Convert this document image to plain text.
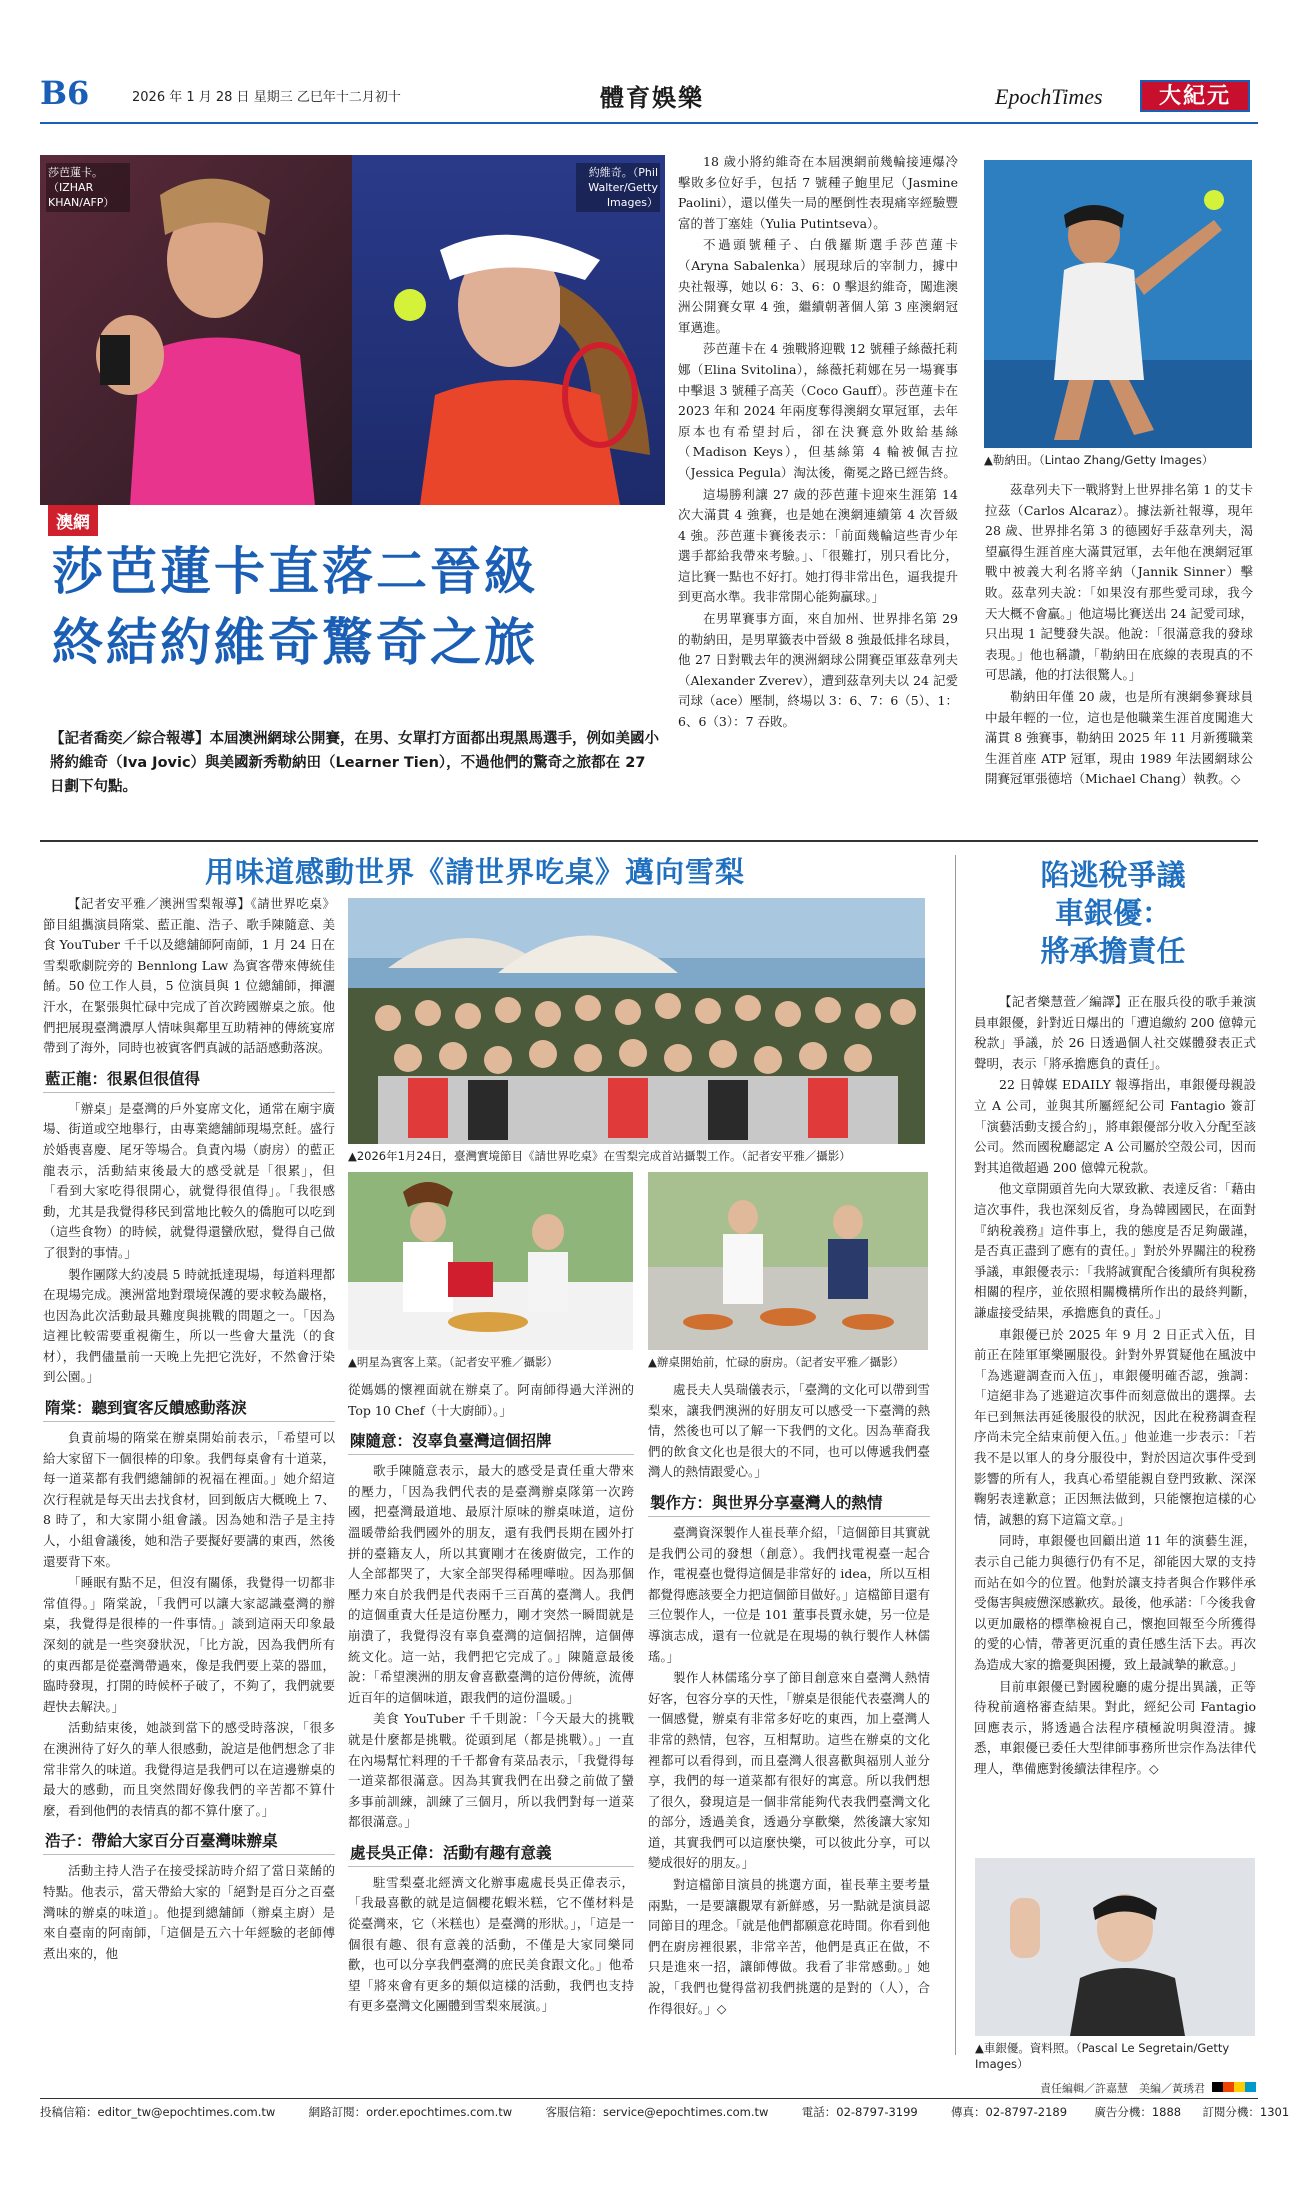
B6	2026 年 1 月 28 日 星期三 乙巳年十二月初十	體育娛樂	EpochTimes	大紀元
莎芭蓮卡。（IZHAR KHAN/AFP）
約維奇。（Phil Walter/Getty Images）
澳網
莎芭蓮卡直落二晉級
終結約維奇驚奇之旅
【記者喬奕／綜合報導】本屆澳洲網球公開賽，在男、女單打方面都出現黑馬選手，例如美國小將約維奇（Iva Jovic）與美國新秀勒納田（Learner Tien），不過他們的驚奇之旅都在 27 日劃下句點。

18 歲小將約維奇在本屆澳網前幾輪接連爆冷擊敗多位好手，包括 7 號種子鮑里尼（Jasmine Paolini），還以僅失一局的壓倒性表現痛宰經驗豐富的普丁塞娃（Yulia Putintseva）。

不過頭號種子、白俄羅斯選手莎芭蓮卡（Aryna Sabalenka）展現球后的宰制力，據中央社報導，她以 6：3、6：0 擊退約維奇，闖進澳洲公開賽女單 4 強，繼續朝著個人第 3 座澳網冠軍邁進。

莎芭蓮卡在 4 強戰將迎戰 12 號種子絲薇托莉娜（Elina Svitolina），絲薇托莉娜在另一場賽事中擊退 3 號種子高芙（Coco Gauff）。莎芭蓮卡在 2023 年和 2024 年兩度奪得澳網女單冠軍，去年原本也有希望封后，卻在決賽意外敗給基絲（Madison Keys），但基絲第 4 輪被佩吉拉（Jessica Pegula）淘汰後，衛冕之路已經告終。

這場勝利讓 27 歲的莎芭蓮卡迎來生涯第 14 次大滿貫 4 強賽，也是她在澳網連續第 4 次晉級 4 強。莎芭蓮卡賽後表示：「前面幾輪這些青少年選手都給我帶來考驗。」、「很難打，別只看比分，這比賽一點也不好打。她打得非常出色，逼我提升到更高水準。我非常開心能夠贏球。」

在男單賽事方面，來自加州、世界排名第 29 的勒納田，是男單籤表中晉級 8 強最低排名球員，他 27 日對戰去年的澳洲網球公開賽亞軍茲韋列夫（Alexander Zverev），遭到茲韋列夫以 24 記愛司球（ace）壓制，終場以 3：6、7：6（5）、1：6、6（3）：7 吞敗。

▲勒納田。（Lintao Zhang/Getty Images）

茲韋列夫下一戰將對上世界排名第 1 的艾卡拉茲（Carlos Alcaraz）。據法新社報導，現年 28 歲、世界排名第 3 的德國好手茲韋列夫，渴望贏得生涯首座大滿貫冠軍，去年他在澳網冠軍戰中被義大利名將辛納（Jannik Sinner）擊敗。茲韋列夫說：「如果沒有那些愛司球，我今天大概不會贏。」他這場比賽送出 24 記愛司球，只出現 1 記雙發失誤。他說：「很滿意我的發球表現。」他也稱讚，「勒納田在底線的表現真的不可思議，他的打法很驚人。」

勒納田年僅 20 歲，也是所有澳網參賽球員中最年輕的一位，這也是他職業生涯首度闖進大滿貫 8 強賽事，勒納田 2025 年 11 月新獲職業生涯首座 ATP 冠軍，現由 1989 年法國網球公開賽冠軍張德培（Michael Chang）執教。◇

用味道感動世界《請世界吃桌》邁向雪梨

【記者安平雅／澳洲雪梨報導】《請世界吃桌》節目組攜演員隋棠、藍正龍、浩子、歌手陳隨意、美食 YouTuber 千千以及總舖師阿南師，1 月 24 日在雪梨歌劇院旁的 Bennlong Law 為賓客帶來傳統佳餚。50 位工作人員，5 位演員與 1 位總舖師，揮灑汗水，在緊張與忙碌中完成了首次跨國辦桌之旅。他們把展現臺灣濃厚人情味與鄰里互助精神的傳統宴席帶到了海外，同時也被賓客們真誠的話語感動落淚。

藍正龍：很累但很值得

「辦桌」是臺灣的戶外宴席文化，通常在廟宇廣場、街道或空地舉行，由專業總舖師現場烹飪。盛行於婚喪喜慶、尾牙等場合。負責內場（廚房）的藍正龍表示，活動結束後最大的感受就是「很累」，但「看到大家吃得很開心，就覺得很值得」。「我很感動，尤其是我覺得移民到當地比較久的僑胞可以吃到（這些食物）的時候，就覺得還蠻欣慰，覺得自己做了很對的事情。」

製作團隊大約凌晨 5 時就抵達現場，每道料理都在現場完成。澳洲當地對環境保護的要求較為嚴格，也因為此次活動最具難度與挑戰的問題之一。「因為這裡比較需要重視衛生，所以一些會大量洗（的食材），我們儘量前一天晚上先把它洗好，不然會汙染到公園。」

隋棠：聽到賓客反饋感動落淚

負責前場的隋棠在辦桌開始前表示，「希望可以給大家留下一個很棒的印象。我們每桌會有十道菜，每一道菜都有我們總舖師的祝福在裡面。」她介紹這次行程就是每天出去找食材，回到飯店大概晚上 7、8 時了，和大家開小組會議。因為她和浩子是主持人，小組會議後，她和浩子要擬好要講的東西，然後還要背下來。

「睡眠有點不足，但沒有關係，我覺得一切都非常值得。」隋棠說，「我們可以讓大家認識臺灣的辦桌，我覺得是很棒的一件事情。」談到這兩天印象最深刻的就是一些突發狀況，「比方說，因為我們所有的東西都是從臺灣帶過來，像是我們要上菜的器皿，臨時發現，打開的時候杯子破了，不夠了，我們就要趕快去解決。」

活動結束後，她談到當下的感受時落淚，「很多在澳洲待了好久的華人很感動，說這是他們想念了非常非常久的味道。我覺得這是我們可以在這邊辦桌的最大的感動，而且突然間好像我們的辛苦都不算什麼，看到他們的表情真的都不算什麼了。」

浩子：帶給大家百分百臺灣味辦桌

活動主持人浩子在接受採訪時介紹了當日菜餚的特點。他表示，當天帶給大家的「絕對是百分之百臺灣味的辦桌的味道」。他提到總舖師（辦桌主廚）是來自臺南的阿南師，「這個是五六十年經驗的老師傅煮出來的，他

▲2026年1月24日，臺灣實境節目《請世界吃桌》在雪梨完成首站攝製工作。（記者安平雅／攝影）
▲明星為賓客上菜。（記者安平雅／攝影）	▲辦桌開始前，忙碌的廚房。（記者安平雅／攝影）

從媽媽的懷裡面就在辦桌了。阿南師得過大洋洲的 Top 10 Chef（十大廚師）。」

陳隨意：沒辜負臺灣這個招牌

歌手陳隨意表示，最大的感受是責任重大帶來的壓力，「因為我們代表的是臺灣辦桌隊第一次跨國，把臺灣最道地、最原汁原味的辦桌味道，這份溫暖帶給我們國外的朋友，還有我們長期在國外打拼的臺籍友人，所以其實剛才在後廚做完，工作的人全部都哭了，大家全部哭得稀哩嘩啦。因為那個壓力來自於我們是代表兩千三百萬的臺灣人。我們的這個重責大任是這份壓力，剛才突然一瞬間就是崩潰了，我覺得沒有辜負臺灣的這個招牌，這個傳統文化。這一站，我們把它完成了。」陳隨意最後說：「希望澳洲的朋友會喜歡臺灣的這份傳統，流傳近百年的這個味道，跟我們的這份溫暖。」

美食 YouTuber 千千則說：「今天最大的挑戰就是什麼都是挑戰。從頭到尾（都是挑戰）。」一直在內場幫忙料理的千千都會有菜品表示，「我覺得每一道菜都很滿意。因為其實我們在出發之前做了蠻多事前訓練，訓練了三個月，所以我們對每一道菜都很滿意。」

處長吳正偉：活動有趣有意義

駐雪梨臺北經濟文化辦事處處長吳正偉表示，「我最喜歡的就是這個櫻花蝦米糕，它不僅材料是從臺灣來，它（米糕也）是臺灣的形狀。」，「這是一個很有趣、很有意義的活動，不僅是大家同樂同歡，也可以分享我們臺灣的庶民美食跟文化。」他希望「將來會有更多的類似這樣的活動，我們也支持有更多臺灣文化團體到雪梨來展演。」

處長夫人吳瑞儀表示，「臺灣的文化可以帶到雪梨來，讓我們澳洲的好朋友可以感受一下臺灣的熱情，然後也可以了解一下我們的文化。因為華裔我們的飲食文化也是很大的不同，也可以傳遞我們臺灣人的熱情跟愛心。」

製作方：與世界分享臺灣人的熱情

臺灣資深製作人崔長華介紹，「這個節目其實就是我們公司的發想（創意）。我們找電視臺一起合作，電視臺也覺得這個是非常好的 idea，所以互相都覺得應該要全力把這個節目做好。」這檔節目還有三位製作人，一位是 101 董事長賈永婕，另一位是導演志成，還有一位就是在現場的執行製作人林儒瑤。」

製作人林儒瑤分享了節目創意來自臺灣人熱情好客，包容分享的天性，「辦桌是很能代表臺灣人的一個感覺，辦桌有非常多好吃的東西，加上臺灣人非常的熱情，包容，互相幫助。這些在辦桌的文化裡都可以看得到，而且臺灣人很喜歡與福別人並分享，我們的每一道菜都有很好的寓意。所以我們想了很久，發現這是一個非常能夠代表我們臺灣文化的部分，透過美食，透過分享歡樂，然後讓大家知道，其實我們可以這麼快樂，可以彼此分享，可以變成很好的朋友。」

對這檔節目演員的挑選方面，崔長華主要考量兩點，一是要讓觀眾有新鮮感，另一點就是演員認同節目的理念。「就是他們都願意花時間。你看到他們在廚房裡很累，非常辛苦，他們是真正在做，不只是進來一招，讓師傅做。我看了非常感動。」她說，「我們也覺得當初我們挑選的是對的（人），合作得很好。」◇

陷逃稅爭議
車銀優：
將承擔責任

【記者樂慧萱／編譯】正在服兵役的歌手兼演員車銀優，針對近日爆出的「遭追繳約 200 億韓元稅款」爭議，於 26 日透過個人社交媒體發表正式聲明，表示「將承擔應負的責任」。

22 日韓媒 EDAILY 報導指出，車銀優母親設立 A 公司，並與其所屬經紀公司 Fantagio 簽訂「演藝活動支援合約」，將車銀優部分收入分配至該公司。然而國稅廳認定 A 公司屬於空殼公司，因而對其追徵超過 200 億韓元稅款。

他文章開頭首先向大眾致歉、表達反省：「藉由這次事件，我也深刻反省，身為韓國國民，在面對『納稅義務』這件事上，我的態度是否足夠嚴謹，是否真正盡到了應有的責任。」對於外界關注的稅務爭議，車銀優表示：「我將誠實配合後續所有與稅務相關的程序，並依照相關機構所作出的最終判斷，謙虛接受結果，承擔應負的責任。」

車銀優已於 2025 年 9 月 2 日正式入伍，目前正在陸軍軍樂團服役。針對外界質疑他在風波中「為逃避調查而入伍」，車銀優明確否認，強調：「這絕非為了逃避這次事件而刻意做出的選擇。去年已到無法再延後服役的狀況，因此在稅務調查程序尚未完全結束前便入伍。」他並進一步表示：「若我不是以軍人的身分服役中，對於因這次事件受到影響的所有人，我真心希望能親自登門致歉、深深鞠躬表達歉意；正因無法做到，只能懷抱這樣的心情，誠懇的寫下這篇文章。」

同時，車銀優也回顧出道 11 年的演藝生涯，表示自己能力與德行仍有不足，卻能因大眾的支持而站在如今的位置。他對於讓支持者與合作夥伴承受傷害與疲憊深感歉疚。最後，他承諾：「今後我會以更加嚴格的標準檢視自己，懷抱回報至今所獲得的愛的心情，帶著更沉重的責任感生活下去。再次為造成大家的擔憂與困擾，致上最誠摯的歉意。」

目前車銀優已對國稅廳的處分提出異議，正等待稅前適格審查結果。對此，經紀公司 Fantagio 回應表示，將透過合法程序積極說明與澄清。據悉，車銀優已委任大型律師事務所世宗作為法律代理人，準備應對後續法律程序。◇

▲車銀優。資料照。（Pascal Le Segretain/Getty Images）
責任編輯／許嘉慧　美編／黃琇君
投稿信箱：editor_tw@epochtimes.com.tw	網路訂閱：order.epochtimes.com.tw	客服信箱：service@epochtimes.com.tw	電話：02-8797-3199	傳真：02-8797-2189 廣告分機：1888 訂閱分機：1301
